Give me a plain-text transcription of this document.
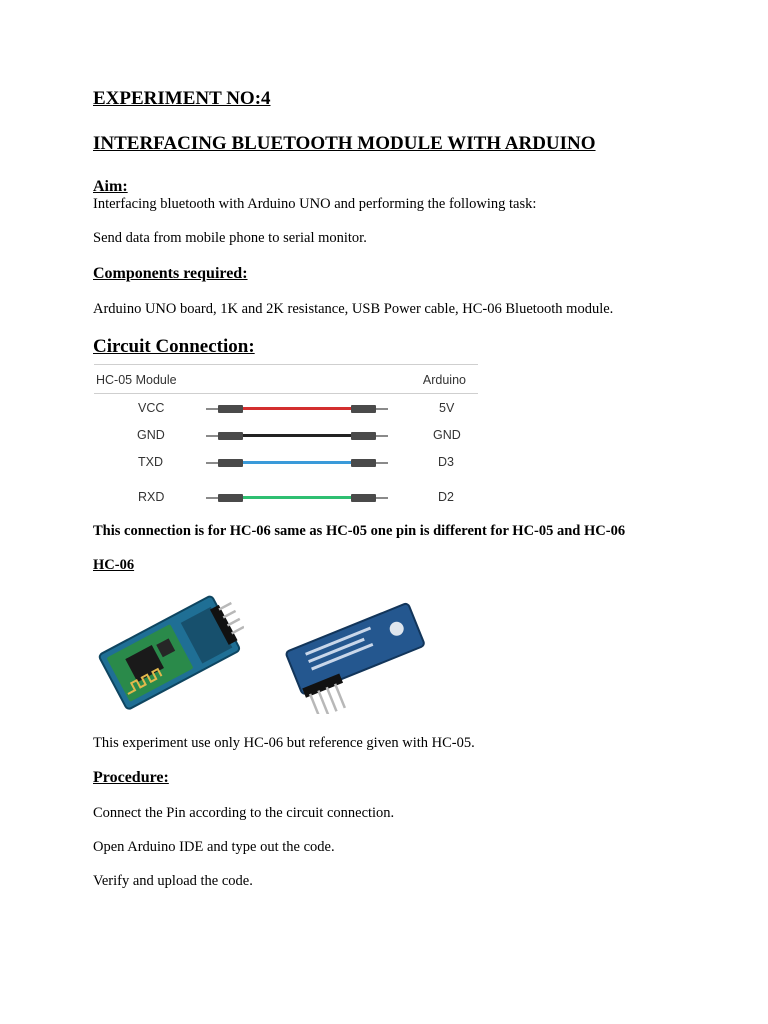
EXPERIMENT NO:4
INTERFACING BLUETOOTH MODULE WITH ARDUINO
Aim:
Interfacing bluetooth with Arduino UNO and performing the following task:
Send data from mobile phone to serial monitor.
Components required:
Arduino UNO board, 1K and 2K resistance, USB Power cable, HC-06 Bluetooth module.
Circuit Connection:
HC-05 Module	Arduino
VCC	5V
GND	GND
TXD	D3
RXD	D2
This connection is for HC-06 same as HC-05 one pin is different for HC-05 and HC-06
HC-06
This experiment use only HC-06 but reference given with HC-05.
Procedure:
Connect the Pin according to the circuit connection.
Open Arduino IDE and type out the code.
Verify and upload the code.
